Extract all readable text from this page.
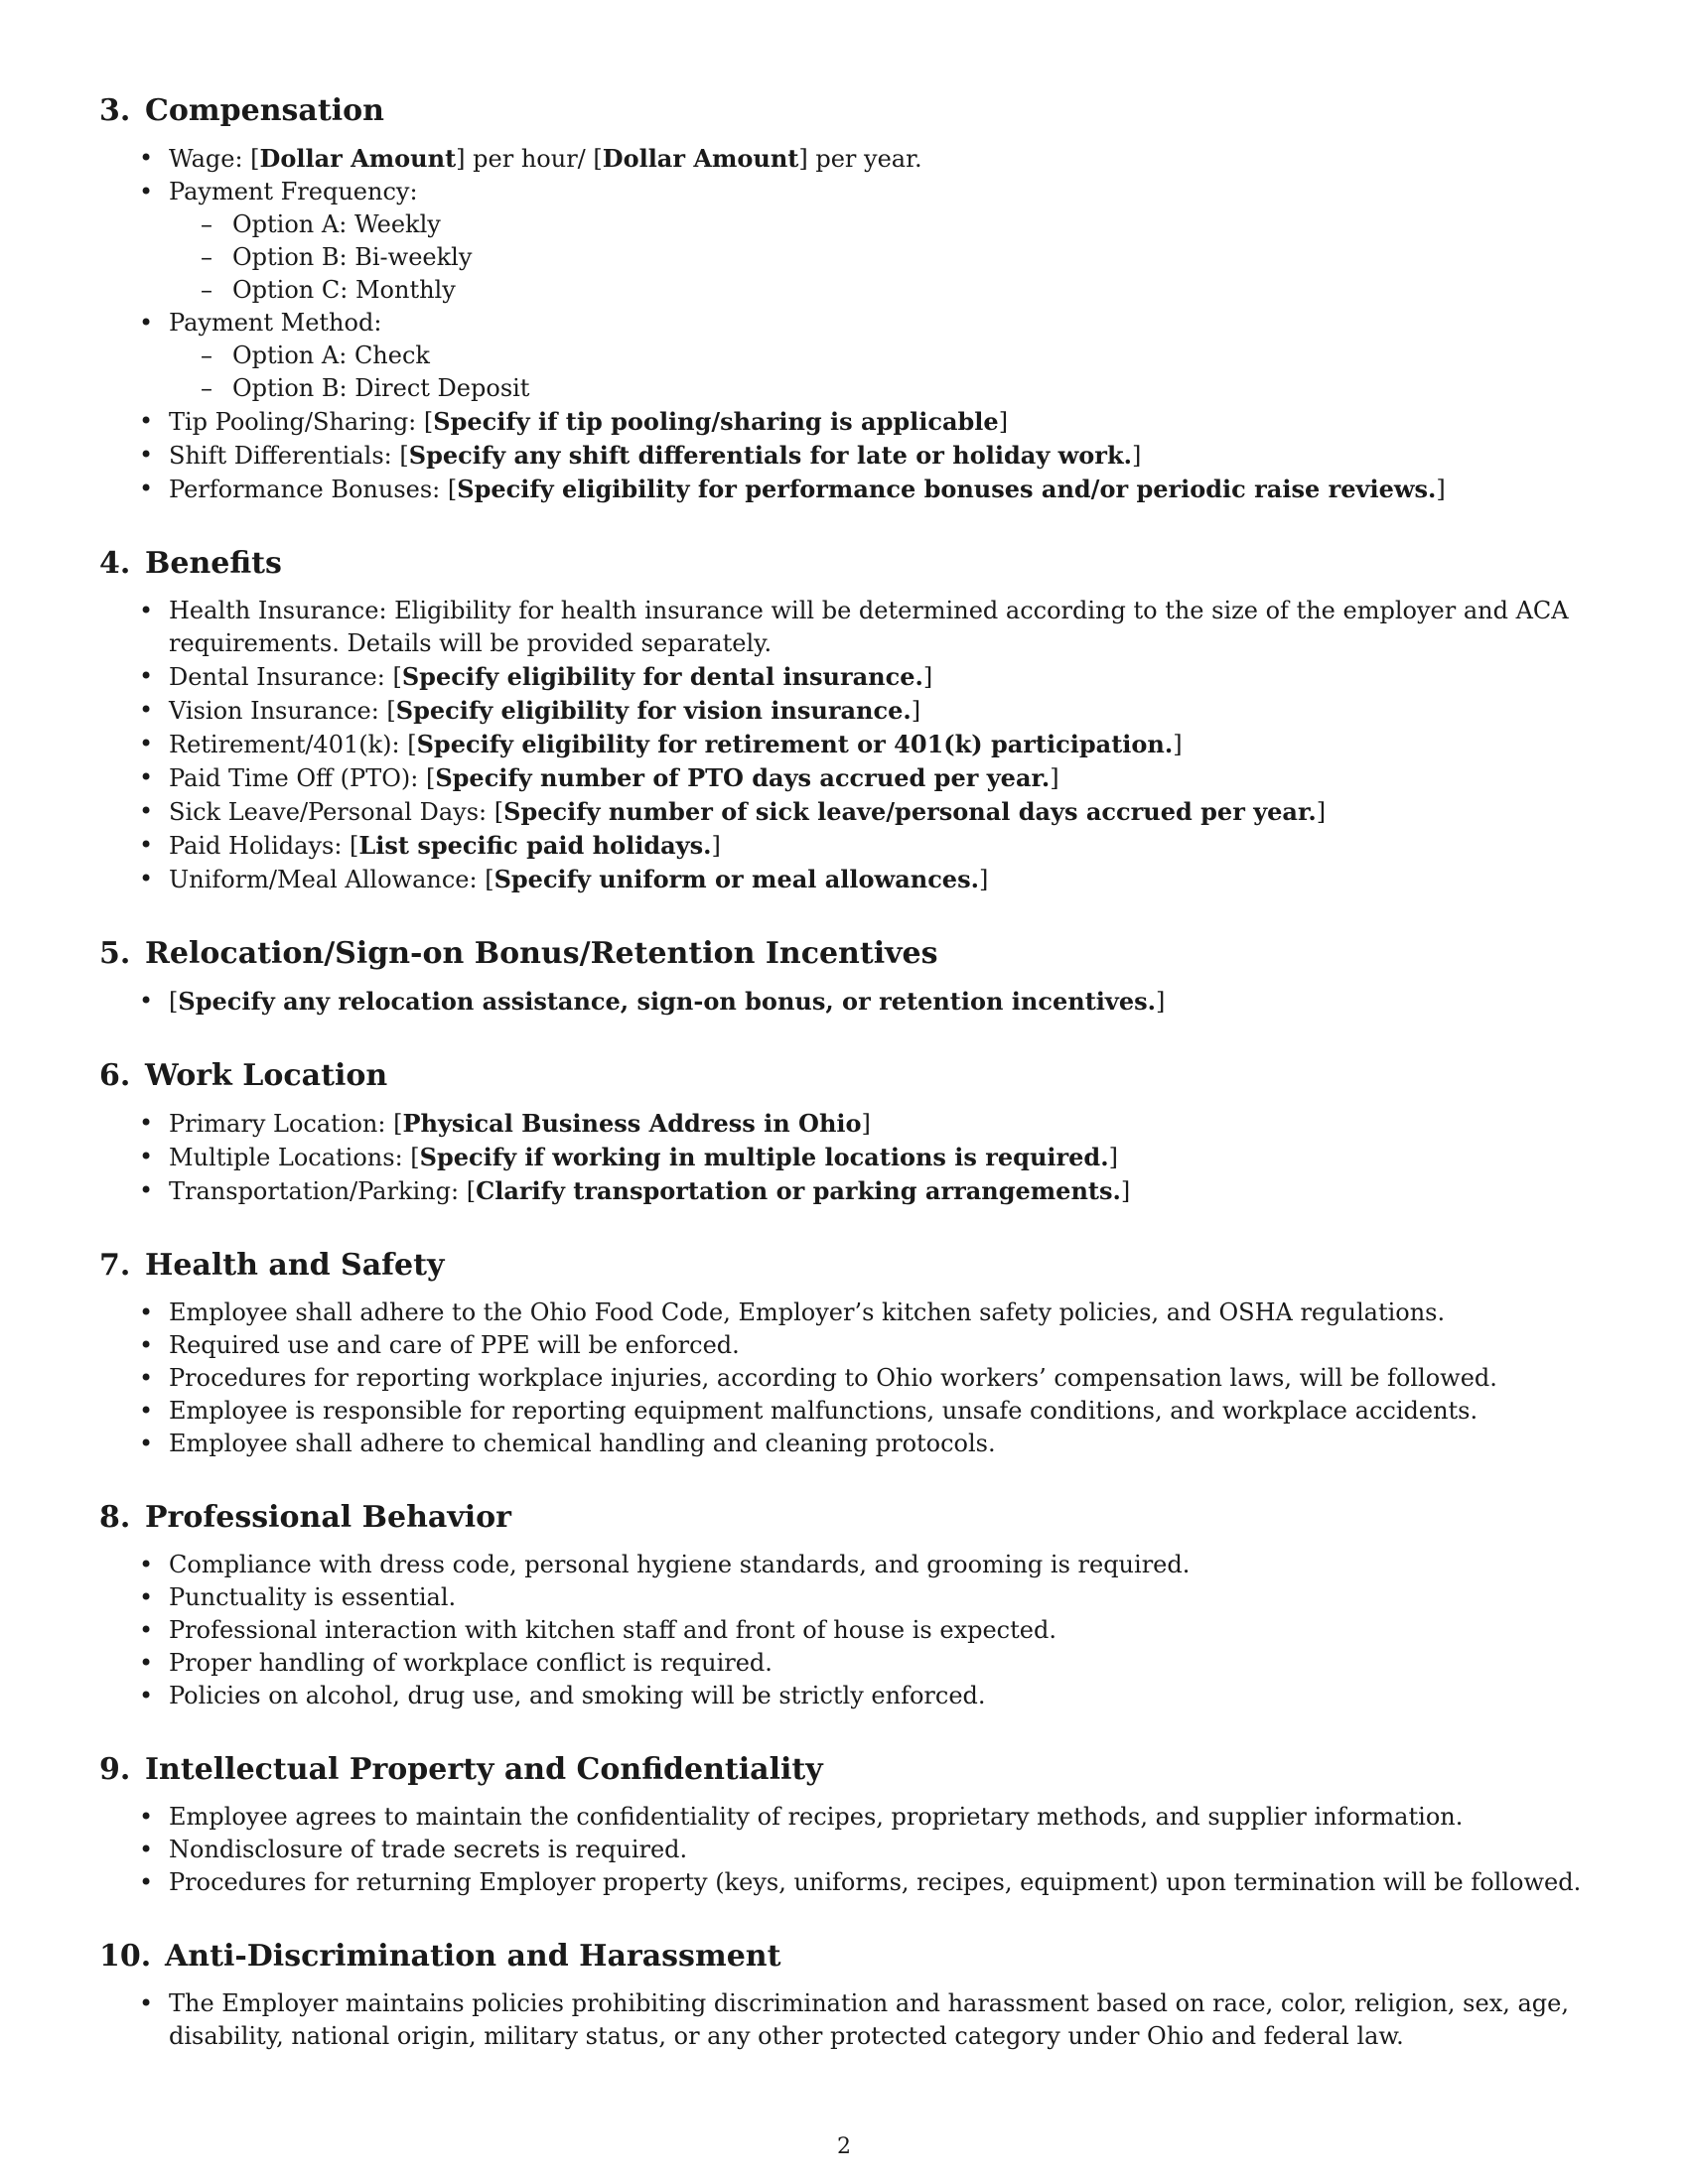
3. Compensation
• Wage: [Dollar Amount] per hour/ [Dollar Amount] per year.
• Payment Frequency:
– Option A: Weekly
– Option B: Bi-weekly
– Option C: Monthly
• Payment Method:
– Option A: Check
– Option B: Direct Deposit
• Tip Pooling/Sharing: [Specify if tip pooling/sharing is applicable]
• Shift Differentials: [Specify any shift differentials for late or holiday work.]
• Performance Bonuses: [Specify eligibility for performance bonuses and/or periodic raise reviews.]
4. Benefits
• Health Insurance: Eligibility for health insurance will be determined according to the size of the employer and ACA requirements. Details will be provided separately.
• Dental Insurance: [Specify eligibility for dental insurance.]
• Vision Insurance: [Specify eligibility for vision insurance.]
• Retirement/401(k): [Specify eligibility for retirement or 401(k) participation.]
• Paid Time Off (PTO): [Specify number of PTO days accrued per year.]
• Sick Leave/Personal Days: [Specify number of sick leave/personal days accrued per year.]
• Paid Holidays: [List specific paid holidays.]
• Uniform/Meal Allowance: [Specify uniform or meal allowances.]
5. Relocation/Sign-on Bonus/Retention Incentives
• [Specify any relocation assistance, sign-on bonus, or retention incentives.]
6. Work Location
• Primary Location: [Physical Business Address in Ohio]
• Multiple Locations: [Specify if working in multiple locations is required.]
• Transportation/Parking: [Clarify transportation or parking arrangements.]
7. Health and Safety
• Employee shall adhere to the Ohio Food Code, Employer’s kitchen safety policies, and OSHA regulations.
• Required use and care of PPE will be enforced.
• Procedures for reporting workplace injuries, according to Ohio workers’ compensation laws, will be followed.
• Employee is responsible for reporting equipment malfunctions, unsafe conditions, and workplace accidents.
• Employee shall adhere to chemical handling and cleaning protocols.
8. Professional Behavior
• Compliance with dress code, personal hygiene standards, and grooming is required.
• Punctuality is essential.
• Professional interaction with kitchen staff and front of house is expected.
• Proper handling of workplace conflict is required.
• Policies on alcohol, drug use, and smoking will be strictly enforced.
9. Intellectual Property and Confidentiality
• Employee agrees to maintain the confidentiality of recipes, proprietary methods, and supplier information.
• Nondisclosure of trade secrets is required.
• Procedures for returning Employer property (keys, uniforms, recipes, equipment) upon termination will be followed.
10. Anti-Discrimination and Harassment
• The Employer maintains policies prohibiting discrimination and harassment based on race, color, religion, sex, age, disability, national origin, military status, or any other protected category under Ohio and federal law.
2
